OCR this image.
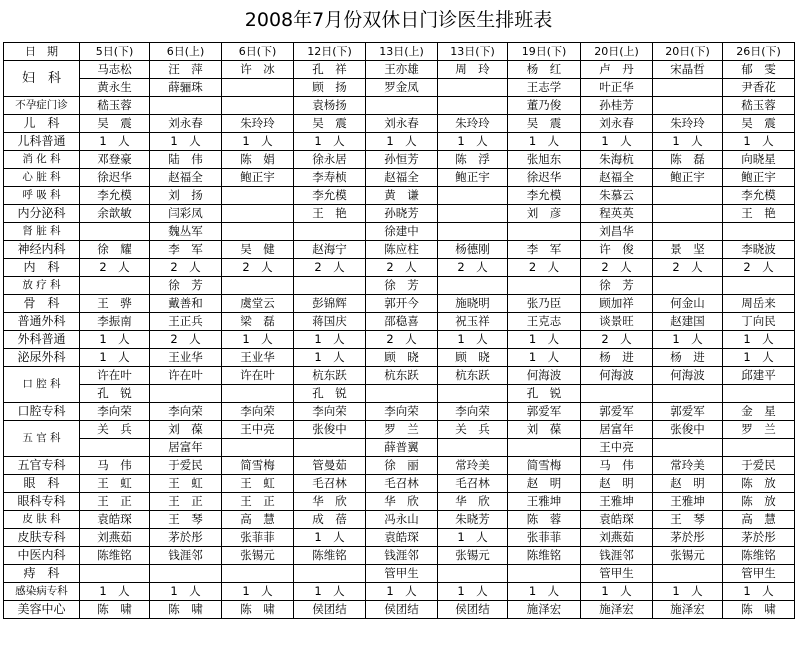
2008年7月份双休日门诊医生排班表
日　期	5日(下)	6日(上)	6日(下)	12日(下)	13日(上)	13日(下)	19日(下)	20日(上)	20日(下)	26日(下)
妇　科	马志松	汪　萍	许　冰	孔　祥	王亦雄	周　玲	杨　红	卢　丹	宋晶哲	郁　雯
	黄永生	薛骊珠		顾　扬	罗金凤		王志学	叶正华		尹香花
不孕症门诊	嵇玉蓉			袁杨扬			董乃俊	孙桂芳		嵇玉蓉
儿　科	吴　震	刘永春	朱玲玲	吴　震	刘永春	朱玲玲	吴　震	刘永春	朱玲玲	吴　震
儿科普通	1　人	1　人	1　人	1　人	1　人	1　人	1　人	1　人	1　人	1　人
消 化 科	邓登豪	陆　伟	陈　娟	徐永居	孙恒芳	陈　浮	张旭东	朱海杭	陈　磊	向晓星
心 脏 科	徐迟华	赵福全	鲍正宇	李寿桢	赵福全	鲍正宇	徐迟华	赵福全	鲍正宇	鲍正宇
呼 吸 科	李允模	刘　扬		李允模	黄　谦		李允模	朱慕云		李允模
内分泌科	余歆敏	闫彩凤		王　艳	孙晓芳		刘　彦	程英英		王　艳
肾 脏 科		魏丛军			徐建中			刘昌华		
神经内科	徐　耀	李　军	吴　健	赵海宁	陈应柱	杨德刚	李　军	许　俊	景　坚	李晓波
内　科	2　人	2　人	2　人	2　人	2　人	2　人	2　人	2　人	2　人	2　人
放 疗 科		徐　芳			徐　芳			徐　芳		
骨　科	王　骅	戴善和	虞堂云	彭锦辉	郭开今	施晓明	张乃臣	顾加祥	何金山	周岳来
普通外科	李振南	王正兵	梁　磊	蒋国庆	邵稳喜	祝玉祥	王克志	谈景旺	赵建国	丁向民
外科普通	1　人	2　人	1　人	1　人	2　人	1　人	1　人	2　人	1　人	1　人
泌尿外科	1　人	王业华	王业华	1　人	顾　晓	顾　晓	1　人	杨　进	杨　进	1　人
口 腔 科	许在叶	许在叶	许在叶	杭东跃	杭东跃	杭东跃	何海波	何海波	何海波	邱建平
	孔　锐			孔　锐			孔　锐			
口腔专科	李向荣	李向荣	李向荣	李向荣	李向荣	李向荣	郭爱军	郭爱军	郭爱军	金　星
五 官 科	关　兵	刘　葆	王中亮	张俊中	罗　兰	关　兵	刘　葆	居富年	张俊中	罗　兰
		居富年			薛普翼			王中亮		
五官专科	马　伟	于爱民	简雪梅	管曼茹	徐　丽	常玲美	简雪梅	马　伟	常玲美	于爱民
眼　科	王　虹	王　虹	王　虹	毛召林	毛召林	毛召林	赵　明	赵　明	赵　明	陈　放
眼科专科	王　正	王　正	王　正	华　欣	华　欣	华　欣	王雅坤	王雅坤	王雅坤	陈　放
皮 肤 科	袁皓琛	王　琴	高　慧	成　蓓	冯永山	朱晓芳	陈　蓉	袁皓琛	王　琴	高　慧
皮肤专科	刘燕茹	茅於彤	张菲菲	1　人	袁皓琛	1　人	张菲菲	刘燕茹	茅於彤	茅於彤
中医内科	陈维铭	钱涯邻	张锡元	陈维铭	钱涯邻	张锡元	陈维铭	钱涯邻	张锡元	陈维铭
痔　科					管甲生			管甲生		管甲生
感染病专科	1　人	1　人	1　人	1　人	1　人	1　人	1　人	1　人	1　人	1　人
美容中心	陈　啸	陈　啸	陈　啸	侯团结	侯团结	侯团结	施泽宏	施泽宏	施泽宏	陈　啸
